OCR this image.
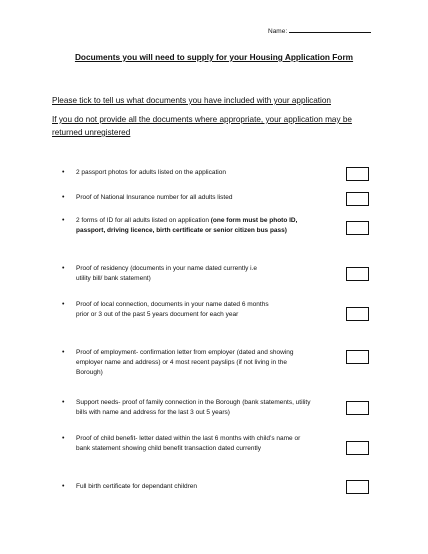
Name:
Documents you will need to supply for your Housing Application Form
Please tick to tell us what documents you have included with your application
If you do not provide all the documents where appropriate, your application may be returned unregistered
•	2 passport photos for adults listed on the application
•	Proof of National Insurance number for all adults listed
•	2 forms of ID for all adults listed on application (one form must be photo ID, passport, driving licence, birth certificate or senior citizen bus pass)
•	Proof of residency (documents in your name dated currently i.e utility bill/ bank statement)
•	Proof of local connection, documents in your name dated 6 months prior or 3 out of the past 5 years document for each year
•	Proof of employment- confirmation letter from employer (dated and showing employer name and address) or 4 most recent payslips (if not living in the Borough)
•	Support needs- proof of family connection in the Borough (bank statements, utility bills with name and address for the last 3 out 5 years)
•	Proof of child benefit- letter dated within the last 6 months with child’s name or bank statement showing child benefit transaction dated currently
•	Full birth certificate for dependant children
